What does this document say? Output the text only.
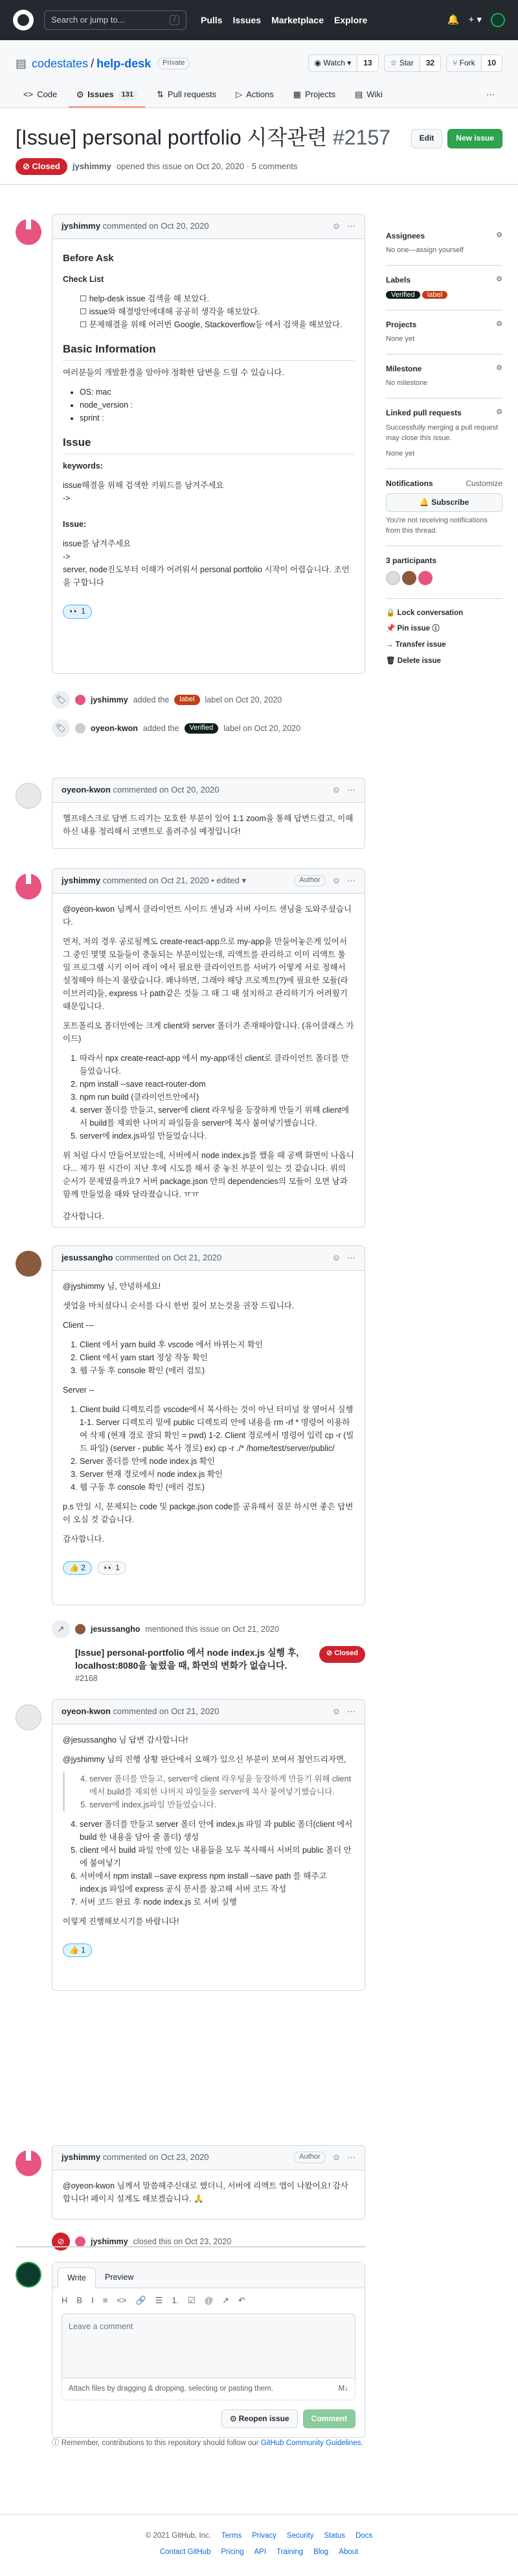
Search or jump to...	/	Pulls Issues Marketplace Explore	🔔 + ▾
▤ codestates / help-desk	Private	◉ Watch ▾	13	☆ Star	32	⑂ Fork	10
<> Code ⊙ Issues	131	⇅ Pull requests ▷ Actions ▦ Projects ▤ Wiki	···
[Issue] personal portfolio 시작관련 #2157	Edit	New issue
⊘ Closed	jyshimmy opened this issue on Oct 20, 2020 · 5 comments
jyshimmy
commented on Oct 20, 2020	☺ ···
Before Ask

Check List

☐ help-desk issue 검색을 해 보았다.
☐ issue와 해결방안에대해 공공히 생각을 해보았다.
☐ 문제해결을 위해 어러번 Google, Stackoverflow등 에서 검색을 해보았다.
Basic Information

여러분들의 개발환경을 알아야 정확한 답변을 드릴 수 있습니다.

• OS: mac
• node_version :
• sprint :
Issue

keywords:

issue해결을 위해 검색한 키워드를 남겨주세요
->

Issue:

issue를 남겨주세요
->
server, node진도부터 이해가 어려워서 personal portfolio 시작이 어렵습니다. 조언을 구합니다

👀 1
🏷	jyshimmy added the	label	label on Oct 20, 2020
🏷	oyeon-kwon added the	Verified	label on Oct 20, 2020
oyeon-kwon
commented on Oct 20, 2020	☺ ···

헬프데스크로 답변 드리기는 모호한 부분이 있어 1:1 zoom을 통해 답변드렸고, 이해하신 내용 정리해서 코멘트로 올려주실 예정입니다!

jyshimmy
commented on Oct 21, 2020 • edited ▾	Author	☺ ···

@oyeon-kwon 님께서 클라이언트 사이드 센닝과 서버 사이드 센닝을 도와주셨습니다.

먼저, 저의 경우 공로될께도 create-react-app으로 my-app을 만들어놓은게 있어서 그 중인 몇몇 모들들이 충돌되는 부분이있는데, 리액트를 관리하고 이미 리액트 툴 일 프로그램 시키 이어 레이 에서 필요한 클라이언트를 서버가 어떻게 서로 정해서 설정해야 하는지 몰랐습니다. 왜냐하면, 그래야 해당 프로젝트(?)에 필요한 모듈(라이브러리)들, express 나 path같은 것들 그 때 그 때 설치하고 관리하기가 어려웠기 때문입니다.

포트폴리오 폴더안에는 크게 client와 server 폴더가 존재해야합니다. (유어클래스 가이드)

1. 따라서 npx create-react-app 에서 my-app대신 client로 클라이언트 폴더를 만들었습니다.
2. npm install --save react-router-dom
3. npm run build (클라이언트안에서)
4. server 폴더를 만들고, server에 client 라우팅을 등장하게 만들기 위해 client에서 build를 제외한 나머지 파일들을 server에 복사 붙여넣기했습니다.
5. server에 index.js파일 만들었습니다.

위 처럼 다시 만들어보았는데, 서버에서 node index.js를 했을 때 공백 화면이 나옵니다... 제가 원 시간이 지난 후에 시도를 해서 중 놓친 부분이 있는 것 같습니다. 위의 순서가 문제였을까요? 서버 package.json 안의 dependencies의 모듈이 오면 남과 함께 만들었을 때와 달라졌습니다. ㅠㅠ

감사합니다.

jesussangho
commented on Oct 21, 2020	☺ ···

@jyshimmy 님, 안녕하세요!

셋업을 마치셨다니 순서를 다시 한번 짚어 보는것을 권장 드립니다.

Client ---

1. Client 에서 yarn build 후 vscode 에서 바뀌는지 확인
2. Client 에서 yarn start 정상 작동 확인
3. 웹 구동 후 console 확인 (에러 검토)

Server --

1. Client build 디렉토리를 vscode에서 복사하는 것이 아닌 터미널 창 열어서 실행 1-1. Server 디렉토리 밑에 public 디렉토리 안에 내용을 rm -rf * 명령어 이용하여 삭제 (현재 경로 잘되 확인 = pwd) 1-2. Client 경로에서 명령어 입력 cp -r (빌드 파일) (server - public 복사 경로) ex) cp -r ./* /home/test/server/public/
2. Server 폴더를 안에 node index.js 확인
3. Server 현재 경로에서 node index.js 확인
4. 웹 구동 후 console 확인 (에러 검토)

p.s 만일 시, 문제되는 code 및 packge.json code를 공유해서 질문 하시면 좋은 답변이 오실 것 같습니다.

감사합니다.

👍 2	👀 1
↗	jesussangho mentioned this issue on Oct 21, 2020
[Issue] personal-portfolio 에서 node index.js 실행 후, localhost:8080을 눌렀을 때, 화면의 변화가 없습니다.
#2168
⊘ Closed
oyeon-kwon
commented on Oct 21, 2020	☺ ···

@jesussangho 님 답변 감사합니다!

@jyshimmy 님의 진행 상황 판단에서 오해가 있으신 부분이 보여서 첨언드리자면,

4. server 폴더를 만들고, server에 client 라우팅을 등장하게 만들기 위해 client에서 build를 제외한 나머지 파일들을 server에 복사 붙여넣기했습니다.
5. server에 index.js파일 만들었습니다.
4. server 폴더를 만들고 server 폴더 안에 index.js 파일 과 public 폴더(client 에서 build 한 내용을 담아 줄 폴더) 생성
5. client 에서 build 파일 안에 있는 내용들을 모두 복사해서 서버의 public 폴더 안에 붙여넣기
6. 서버에서 npm install --save express npm install --save path 를 해주고 index.js 파일에 express 공식 문서를 참고해 서버 코드 작성
7. 서버 코드 완료 후 node index.js 로 서버 실행

이렇게 진행해보시기를 바랍니다!

👍 1
jyshimmy
commented on Oct 23, 2020	Author	☺ ···

@oyeon-kwon 님께서 말씀해주신대로 했더니, 서버에 리액트 앱이 나왔어요! 감사합니다! 페이지 설계도 해보겠습니다. 🙏

⊘	jyshimmy closed this on Oct 23, 2020
Write	Preview
H B I ≡ <> 🔗 ☰ 1. ☑ @ ↗ ↶
Leave a comment
Attach files by dragging & dropping, selecting or pasting them.	M↓
⊙ Reopen issue	Comment
ⓘ Remember, contributions to this repository should follow our GitHub Community Guidelines.
Assignees	⚙
No one—assign yourself
Labels	⚙
Verified label
Projects	⚙
None yet
Milestone	⚙
No milestone
Linked pull requests	⚙
Successfully merging a pull request may close this issue.
None yet
Notifications	Customize
🔔 Subscribe
You're not receiving notifications from this thread.
3 participants

🔒 Lock conversation
📌 Pin issue ⓘ
→ Transfer issue
🗑 Delete issue
© 2021 GitHub, Inc. Terms Privacy Security Status Docs
Contact GitHub Pricing API Training Blog About
